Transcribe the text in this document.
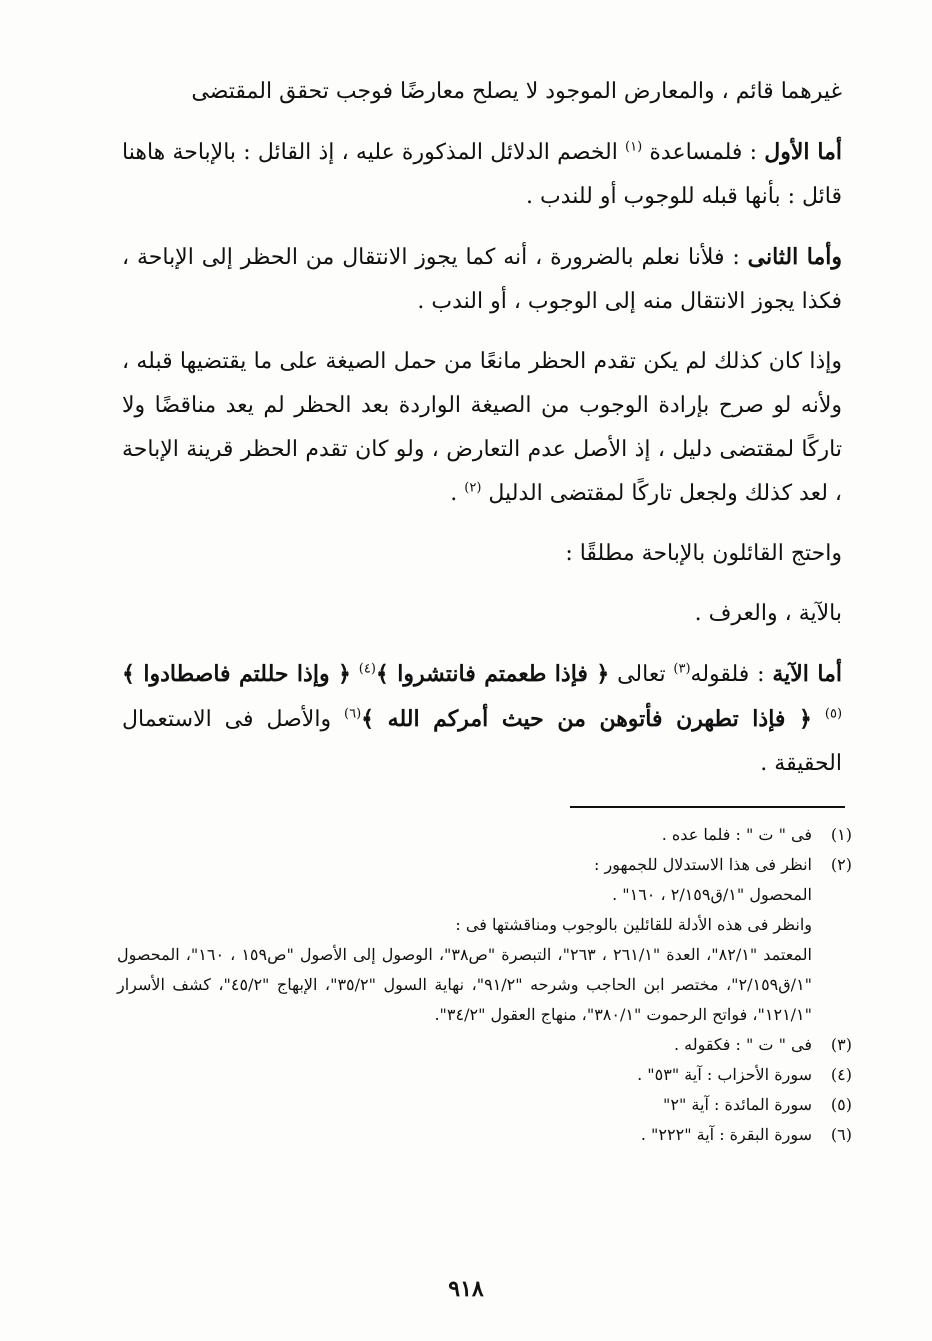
غيرهما قائم ، والمعارض الموجود لا يصلح معارضًا فوجب تحقق المقتضى

أما الأول : فلمساعدة $^{(١)}$ الخصم الدلائل المذكورة عليه ، إذ القائل : بالإباحة هاهنا قائل : بأنها قبله للوجوب أو للندب .

وأما الثانى : فلأنا نعلم بالضرورة ، أنه كما يجوز الانتقال من الحظر إلى الإباحة ، فكذا يجوز الانتقال منه إلى الوجوب ، أو الندب .

وإذا كان كذلك لم يكن تقدم الحظر مانعًا من حمل الصيغة على ما يقتضيها قبله ، ولأنه لو صرح بإرادة الوجوب من الصيغة الواردة بعد الحظر لم يعد مناقضًا ولا تاركًا لمقتضى دليل ، إذ الأصل عدم التعارض ، ولو كان تقدم الحظر قرينة الإباحة ، لعد كذلك ولجعل تاركًا لمقتضى الدليل $^{(٢)}$ .

واحتج القائلون بالإباحة مطلقًا :

بالآية ، والعرف .

أما الآية : فلقوله$^{(٣)}$ تعالى ﴿ فإذا طعمتم فانتشروا ﴾$^{(٤)}$ ﴿ وإذا حللتم فاصطادوا ﴾$^{(٥)}$ ﴿ فإذا تطهرن فأتوهن من حيث أمركم الله ﴾$^{(٦)}$ والأصل فى الاستعمال الحقيقة .

(١)فى " ت " : فلما عده .

(٢)انظر فى هذا الاستدلال للجمهور :

المحصول "١/ق٢/١٥٩ ، ١٦٠" .

وانظر فى هذه الأدلة للقائلين بالوجوب ومناقشتها فى :

المعتمد "٨٢/١"، العدة "٢٦١/١ ، ٢٦٣"، التبصرة "ص٣٨"، الوصول إلى الأصول "ص١٥٩ ، ١٦٠"، المحصول "١/ق٢/١٥٩"، مختصر ابن الحاجب وشرحه "٩١/٢"، نهاية السول "٣٥/٢"، الإبهاج "٤٥/٢"، كشف الأسرار "١٢١/١"، فواتح الرحموت "٣٨٠/١"، منهاج العقول "٣٤/٢".

(٣)فى " ت " : فكقوله .

(٤)سورة الأحزاب : آية "٥٣" .

(٥)سورة المائدة : آية "٢"

(٦)سورة البقرة : آية "٢٢٢" .

٩١٨
